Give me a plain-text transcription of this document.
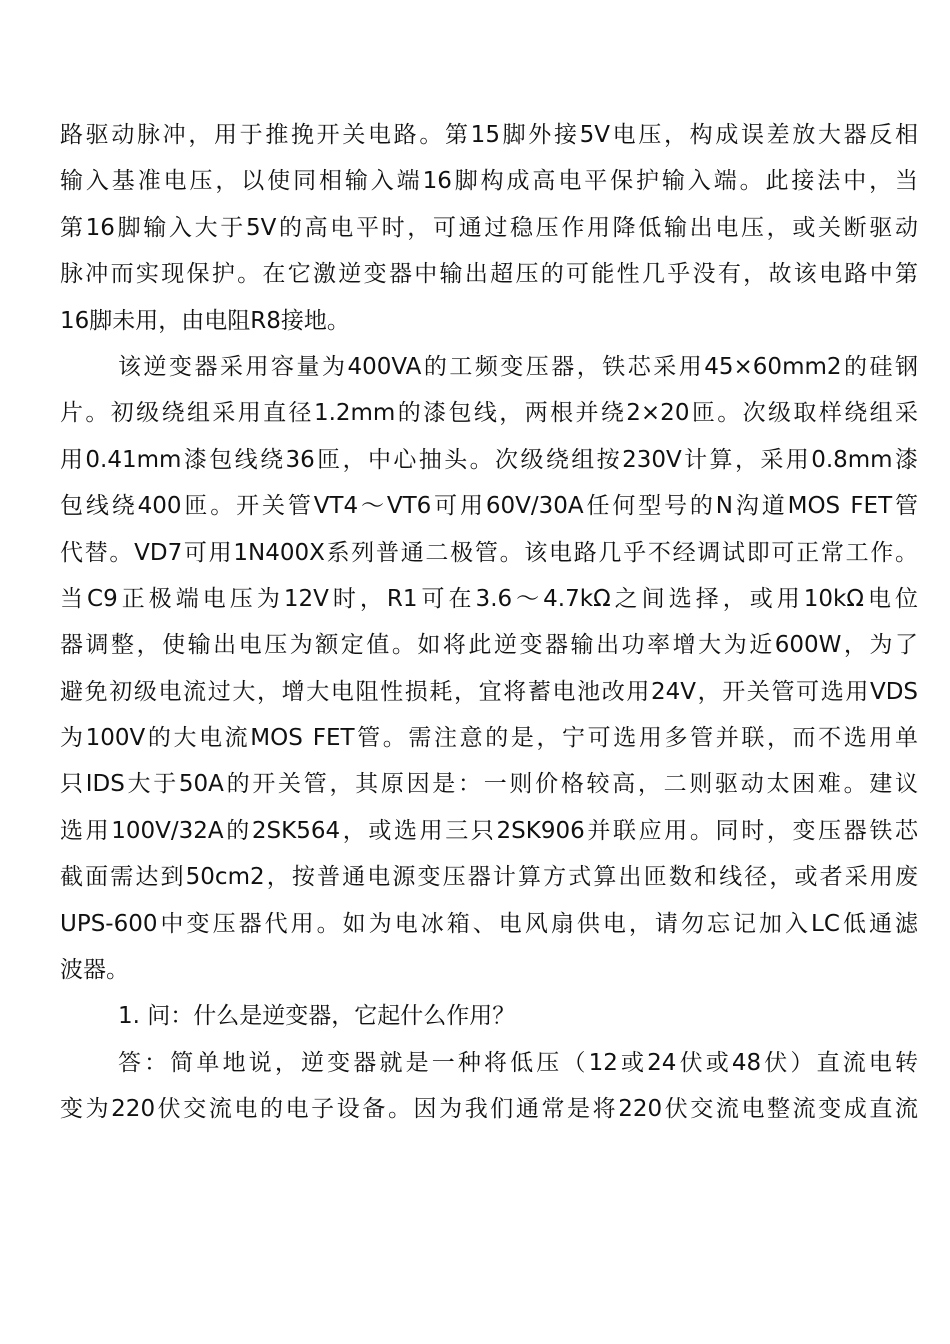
路驱动脉冲，用于推挽开关电路。第15脚外接5V电压，构成误差放大器反相
输入基准电压，以使同相输入端16脚构成高电平保护输入端。此接法中，当
第16脚输入大于5V的高电平时，可通过稳压作用降低输出电压，或关断驱动
脉冲而实现保护。在它激逆变器中输出超压的可能性几乎没有，故该电路中第
16脚未用，由电阻R8接地。
该逆变器采用容量为400VA的工频变压器，铁芯采用45×60mm2的硅钢
片。初级绕组采用直径1.2mm的漆包线，两根并绕2×20匝。次级取样绕组采
用0.41mm漆包线绕36匝，中心抽头。次级绕组按230V计算，采用0.8mm漆
包线绕400匝。开关管VT4～VT6可用60V/30A任何型号的N沟道MOS FET管
代替。VD7可用1N400X系列普通二极管。该电路几乎不经调试即可正常工作。
当C9正极端电压为12V时，R1可在3.6～4.7kΩ之间选择，或用10kΩ电位
器调整，使输出电压为额定值。如将此逆变器输出功率增大为近600W，为了
避免初级电流过大，增大电阻性损耗，宜将蓄电池改用24V，开关管可选用VDS
为100V的大电流MOS FET管。需注意的是，宁可选用多管并联，而不选用单
只IDS大于50A的开关管，其原因是：一则价格较高，二则驱动太困难。建议
选用100V/32A的2SK564，或选用三只2SK906并联应用。同时，变压器铁芯
截面需达到50cm2，按普通电源变压器计算方式算出匝数和线径，或者采用废
UPS-600中变压器代用。如为电冰箱、电风扇供电，请勿忘记加入LC低通滤
波器。
1. 问：什么是逆变器，它起什么作用？
答：简单地说，逆变器就是一种将低压（12或24伏或48伏）直流电转
变为220伏交流电的电子设备。因为我们通常是将220伏交流电整流变成直流
